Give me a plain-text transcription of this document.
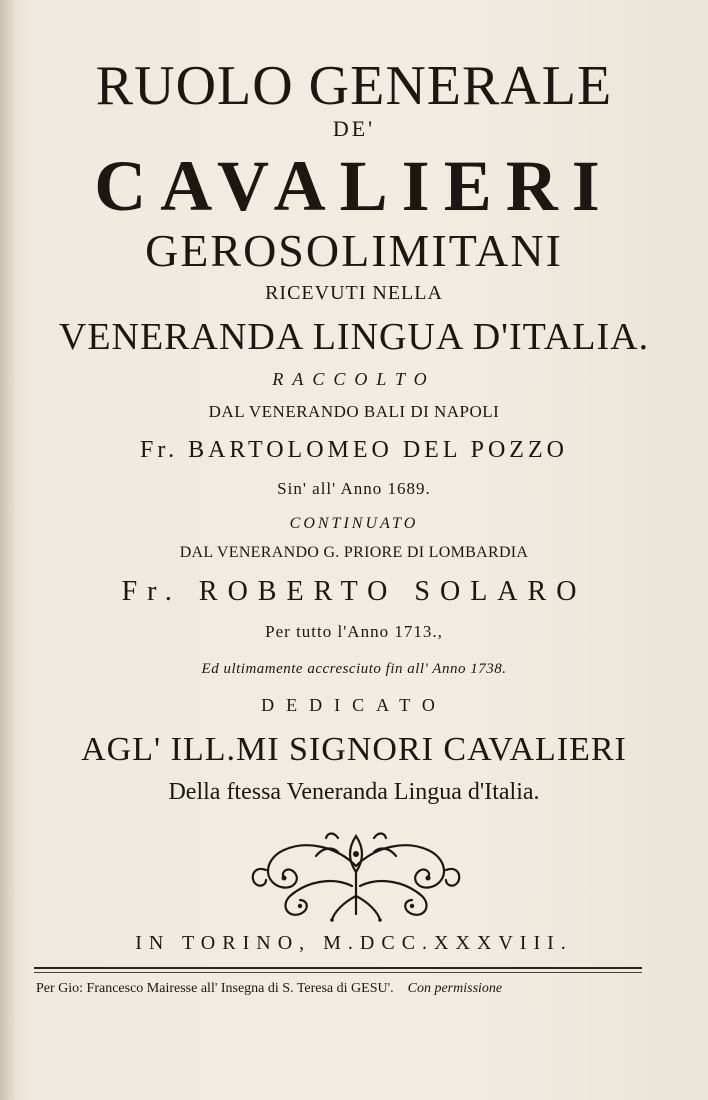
RUOLO GENERALE
DE'
CAVALIERI
GEROSOLIMITANI
RICEVUTI NELLA
VENERANDA LINGUA D'ITALIA.
RACCOLTO
DAL VENERANDO BALI DI NAPOLI
Fr. BARTOLOMEO DEL POZZO
Sin' all' Anno 1689.
CONTINUATO
DAL VENERANDO G. PRIORE DI LOMBARDIA
Fr. ROBERTO SOLARO
Per tutto l'Anno 1713.,
Ed ultimamente accresciuto fin all' Anno 1738.
DEDICATO
AGL' ILL.MI SIGNORI CAVALIERI
Della ftessa Veneranda Lingua d'Italia.
IN TORINO, M.DCC.XXXVIII.
Per Gio: Francesco Mairesse all' Insegna di S. Teresa di GESU'. Con permissione
